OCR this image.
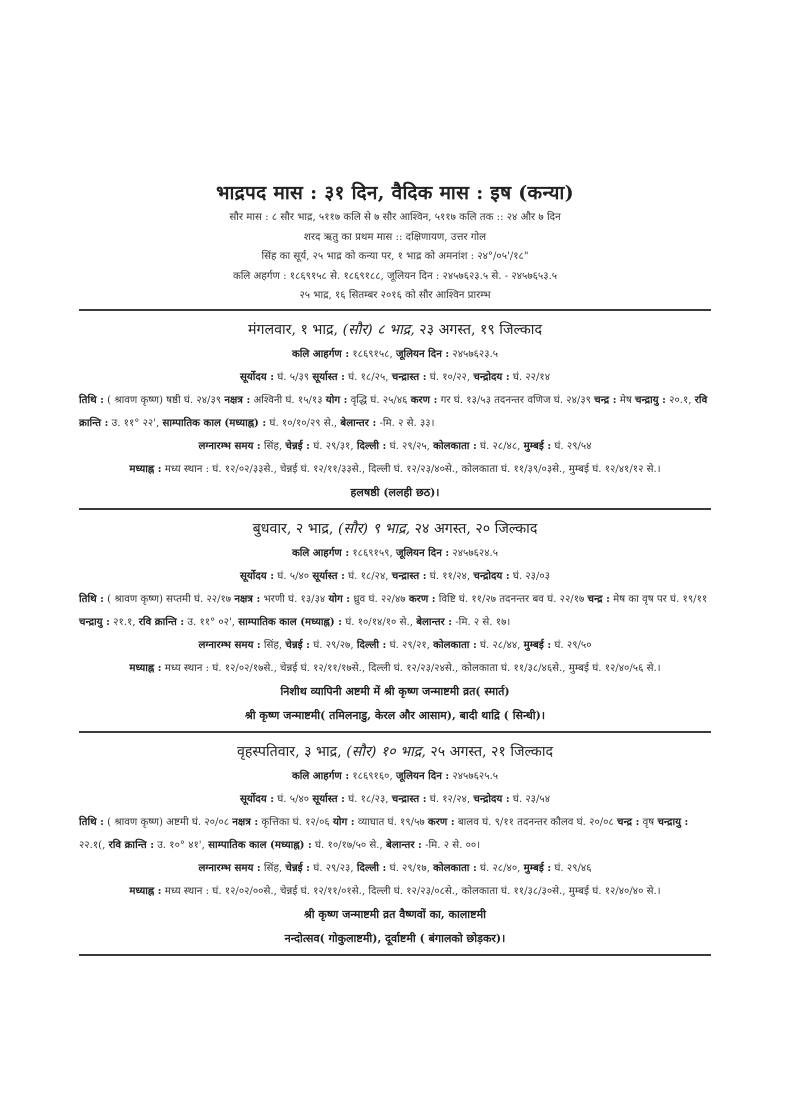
भाद्रपद मास : ३१ दिन, वैदिक मास : इष (कन्या)
सौर मास : ८ सौर भाद्र, ५११७ कलि से ७ सौर आश्विन, ५११७ कलि तक :: २४ और ७ दिन
शरद ऋतु का प्रथम मास :: दक्षिणायण, उत्तर गोल
सिंह का सूर्य, २५ भाद्र को कन्या पर, १ भाद्र को अमनांश : २४°/०५'/१८"
कलि अहर्गण : १८६९१५८ से. १८६९१८८, जूलियन दिन : २४५७६२३.५ से. - २४५७६५३.५
२५ भाद्र, १६ सितम्बर २०१६ को सौर आश्विन प्रारम्भ
मंगलवार, १ भाद्र, (सौर) ८ भाद्र, २३ अगस्त, १९ जिल्काद
कलि आहर्गण : १८६९१५८, जूलियन दिन : २४५७६२३.५
सूर्योदय : घं. ५/३९ सूर्यास्त : घं. १८/२५, चन्द्रास्त : घं. १०/२२, चन्द्रोदय : घं. २२/१४
तिथि : ( श्रावण कृष्ण) षष्ठी घं. २४/३९ नक्षत्र : अश्विनी घं. १५/१३ योग : वृद्धि घं. २५/४६ करण : गर घं. १३/५३ तदनन्तर वणिज घं. २४/३९ चन्द्र : मेष चन्द्रायु : २०.१, रवि क्रान्ति : उ. ११° २२', साम्पातिक काल (मध्याह्न) : घं. १०/१०/२९ से., बेलान्तर : -मि. २ से. ३३।
लग्नारम्भ समय : सिंह, चेन्नई : घं. २९/३१, दिल्ली : घं. २९/२५, कोलकाता : घं. २८/४८, मुम्बई : घं. २९/५४
मध्याह्न : मध्य स्थान : घं. १२/०२/३३से., चेन्नई घं. १२/११/३३से., दिल्ली घं. १२/२३/४०से., कोलकाता घं. ११/३९/०३से., मुम्बई घं. १२/४१/१२ से.।
हलषष्ठी (ललही छठ)।
बुधवार, २ भाद्र, (सौर) ९ भाद्र, २४ अगस्त, २० जिल्काद
कलि आहर्गण : १८६९१५९, जूलियन दिन : २४५७६२४.५
सूर्योदय : घं. ५/४० सूर्यास्त : घं. १८/२४, चन्द्रास्त : घं. ११/२४, चन्द्रोदय : घं. २३/०३
तिथि : ( श्रावण कृष्ण) सप्तमी घं. २२/१७ नक्षत्र : भरणी घं. १३/३४ योग : ध्रुव घं. २२/४७ करण : विष्टि घं. ११/२७ तदनन्तर बव घं. २२/१७ चन्द्र : मेष का वृष पर घं. १९/११ चन्द्रायु : २१.१, रवि क्रान्ति : उ. ११° ०२', साम्पातिक काल (मध्याह्न) : घं. १०/१४/१० से., बेलान्तर : -मि. २ से. १७।
लग्नारम्भ समय : सिंह, चेन्नई : घं. २९/२७, दिल्ली : घं. २९/२१, कोलकाता : घं. २८/४४, मुम्बई : घं. २९/५०
मध्याह्न : मध्य स्थान : घं. १२/०२/१७से., चेन्नई घं. १२/११/१७से., दिल्ली घं. १२/२३/२४से., कोलकाता घं. ११/३८/४६से., मुम्बई घं. १२/४०/५६ से.।
निशीथ व्यापिनी अष्टमी में श्री कृष्ण जन्माष्टमी व्रत( स्मार्त)
श्री कृष्ण जन्माष्टमी( तमिलनाडु, केरल और आसाम), बादी थाद्रि ( सिन्धी)।
वृहस्पतिवार, ३ भाद्र, (सौर) १० भाद्र, २५ अगस्त, २१ जिल्काद
कलि आहर्गण : १८६९१६०, जूलियन दिन : २४५७६२५.५
सूर्योदय : घं. ५/४० सूर्यास्त : घं. १८/२३, चन्द्रास्त : घं. १२/२४, चन्द्रोदय : घं. २३/५४
तिथि : ( श्रावण कृष्ण) अष्टमी घं. २०/०८ नक्षत्र : कृत्तिका घं. १२/०६ योग : व्याघात घं. १९/५७ करण : बालव घं. ९/११ तदनन्तर कौलव घं. २०/०८ चन्द्र : वृष चन्द्रायु : २२.१(, रवि क्रान्ति : उ. १०° ४१', साम्पातिक काल (मध्याह्न) : घं. १०/१७/५० से., बेलान्तर : -मि. २ से. ००।
लग्नारम्भ समय : सिंह, चेन्नई : घं. २९/२३, दिल्ली : घं. २९/१७, कोलकाता : घं. २८/४०, मुम्बई : घं. २९/४६
मध्याह्न : मध्य स्थान : घं. १२/०२/००से., चेन्नई घं. १२/११/०१से., दिल्ली घं. १२/२३/०८से., कोलकाता घं. ११/३८/३०से., मुम्बई घं. १२/४०/४० से.।
श्री कृष्ण जन्माष्टमी व्रत वैष्णवों का, कालाष्टमी
नन्दोत्सव( गोकुलाष्टमी), दूर्वाष्टमी ( बंगालको छोड़कर)।
